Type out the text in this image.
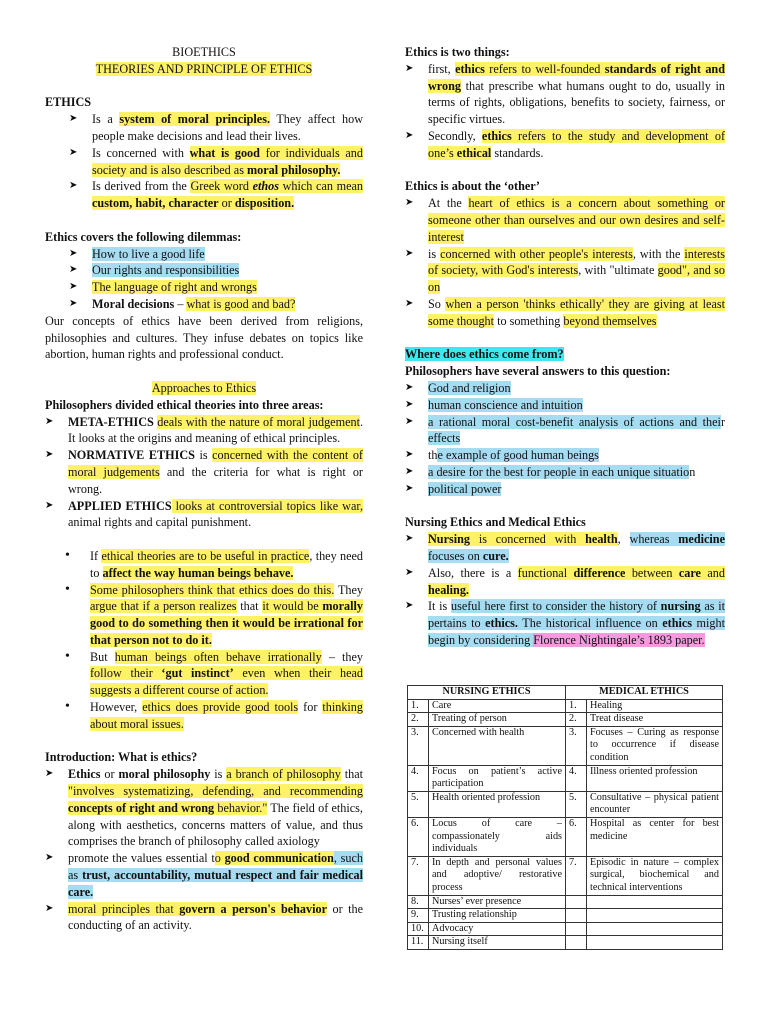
BIOETHICS
THEORIES AND PRINCIPLE OF ETHICS
ETHICS
➤ Is a system of moral principles. They affect how people make decisions and lead their lives.
➤ Is concerned with what is good for individuals and society and is also described as moral philosophy.
➤ Is derived from the Greek word ethos which can mean custom, habit, character or disposition.
Ethics covers the following dilemmas:
➤ How to live a good life
➤ Our rights and responsibilities
➤ The language of right and wrongs
➤ Moral decisions – what is good and bad?
Our concepts of ethics have been derived from religions, philosophies and cultures. They infuse debates on topics like abortion, human rights and professional conduct.
Approaches to Ethics
Philosophers divided ethical theories into three areas:
➤ META-ETHICS deals with the nature of moral judgement. It looks at the origins and meaning of ethical principles.
➤ NORMATIVE ETHICS is concerned with the content of moral judgements and the criteria for what is right or wrong.
➤ APPLIED ETHICS looks at controversial topics like war, animal rights and capital punishment.
• If ethical theories are to be useful in practice, they need to affect the way human beings behave.
• Some philosophers think that ethics does do this. They argue that if a person realizes that it would be morally good to do something then it would be irrational for that person not to do it.
• But human beings often behave irrationally – they follow their ‘gut instinct’ even when their head suggests a different course of action.
• However, ethics does provide good tools for thinking about moral issues.
Introduction: What is ethics?
➤ Ethics or moral philosophy is a branch of philosophy that "involves systematizing, defending, and recommending concepts of right and wrong behavior." The field of ethics, along with aesthetics, concerns matters of value, and thus comprises the branch of philosophy called axiology
➤ promote the values essential to good communication, such as trust, accountability, mutual respect and fair medical care.
➤ moral principles that govern a person's behavior or the conducting of an activity.
Ethics is two things:
➤ first, ethics refers to well-founded standards of right and wrong that prescribe what humans ought to do, usually in terms of rights, obligations, benefits to society, fairness, or specific virtues.
➤ Secondly, ethics refers to the study and development of one’s ethical standards.
Ethics is about the ‘other’
➤ At the heart of ethics is a concern about something or someone other than ourselves and our own desires and self-interest
➤ is concerned with other people's interests, with the interests of society, with God's interests, with "ultimate good", and so on
➤ So when a person 'thinks ethically' they are giving at least some thought to something beyond themselves
Where does ethics come from?
Philosophers have several answers to this question:
➤ God and religion
➤ human conscience and intuition
➤ a rational moral cost-benefit analysis of actions and their effects
➤ the example of good human beings
➤ a desire for the best for people in each unique situation
➤ political power
Nursing Ethics and Medical Ethics
➤ Nursing is concerned with health, whereas medicine focuses on cure.
➤ Also, there is a functional difference between care and healing.
➤ It is useful here first to consider the history of nursing as it pertains to ethics. The historical influence on ethics might begin by considering Florence Nightingale’s 1893 paper.
NURSING ETHICS		MEDICAL ETHICS	
1.	Care	1.	Healing
2.	Treating of person	2.	Treat disease
3.	Concerned with health	3.	Focuses – Curing as response to occurrence if disease condition
4.	Focus on patient’s active participation	4.	Illness oriented profession
5.	Health oriented profession	5.	Consultative – physical patient encounter
6.	Locus of care – compassionately aids individuals	6.	Hospital as center for best medicine
7.	In depth and personal values and adoptive/ restorative process	7.	Episodic in nature – complex surgical, biochemical and technical interventions
8.	Nurses’ ever presence		
9.	Trusting relationship		
10.	Advocacy		
11.	Nursing itself		
